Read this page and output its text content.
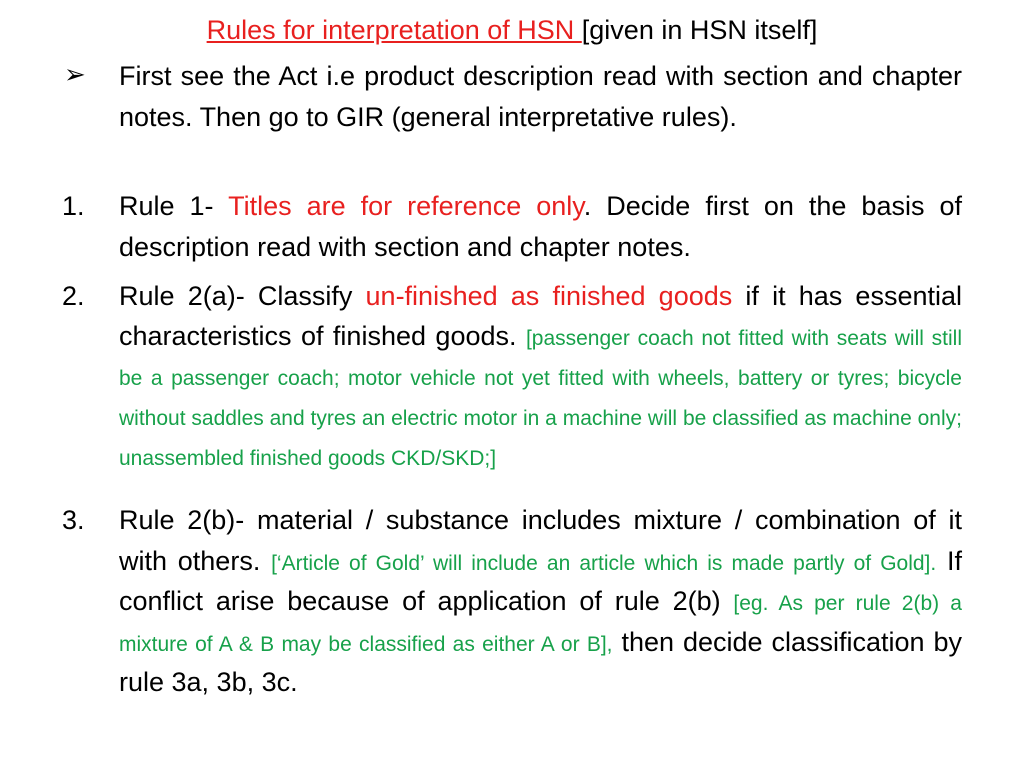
Rules for interpretation of HSN [given in HSN itself]
➢ First see the Act i.e product description read with section and chapter notes. Then go to GIR (general interpretative rules).
1. Rule 1- Titles are for reference only. Decide first on the basis of description read with section and chapter notes.
2. Rule 2(a)- Classify un-finished as finished goods if it has essential characteristics of finished goods. [passenger coach not fitted with seats will still be a passenger coach; motor vehicle not yet fitted with wheels, battery or tyres; bicycle without saddles and tyres an electric motor in a machine will be classified as machine only; unassembled finished goods CKD/SKD;]
3. Rule 2(b)- material / substance includes mixture / combination of it with others. [‘Article of Gold’ will include an article which is made partly of Gold]. If conflict arise because of application of rule 2(b) [eg. As per rule 2(b) a mixture of A & B may be classified as either A or B], then decide classification by rule 3a, 3b, 3c.
